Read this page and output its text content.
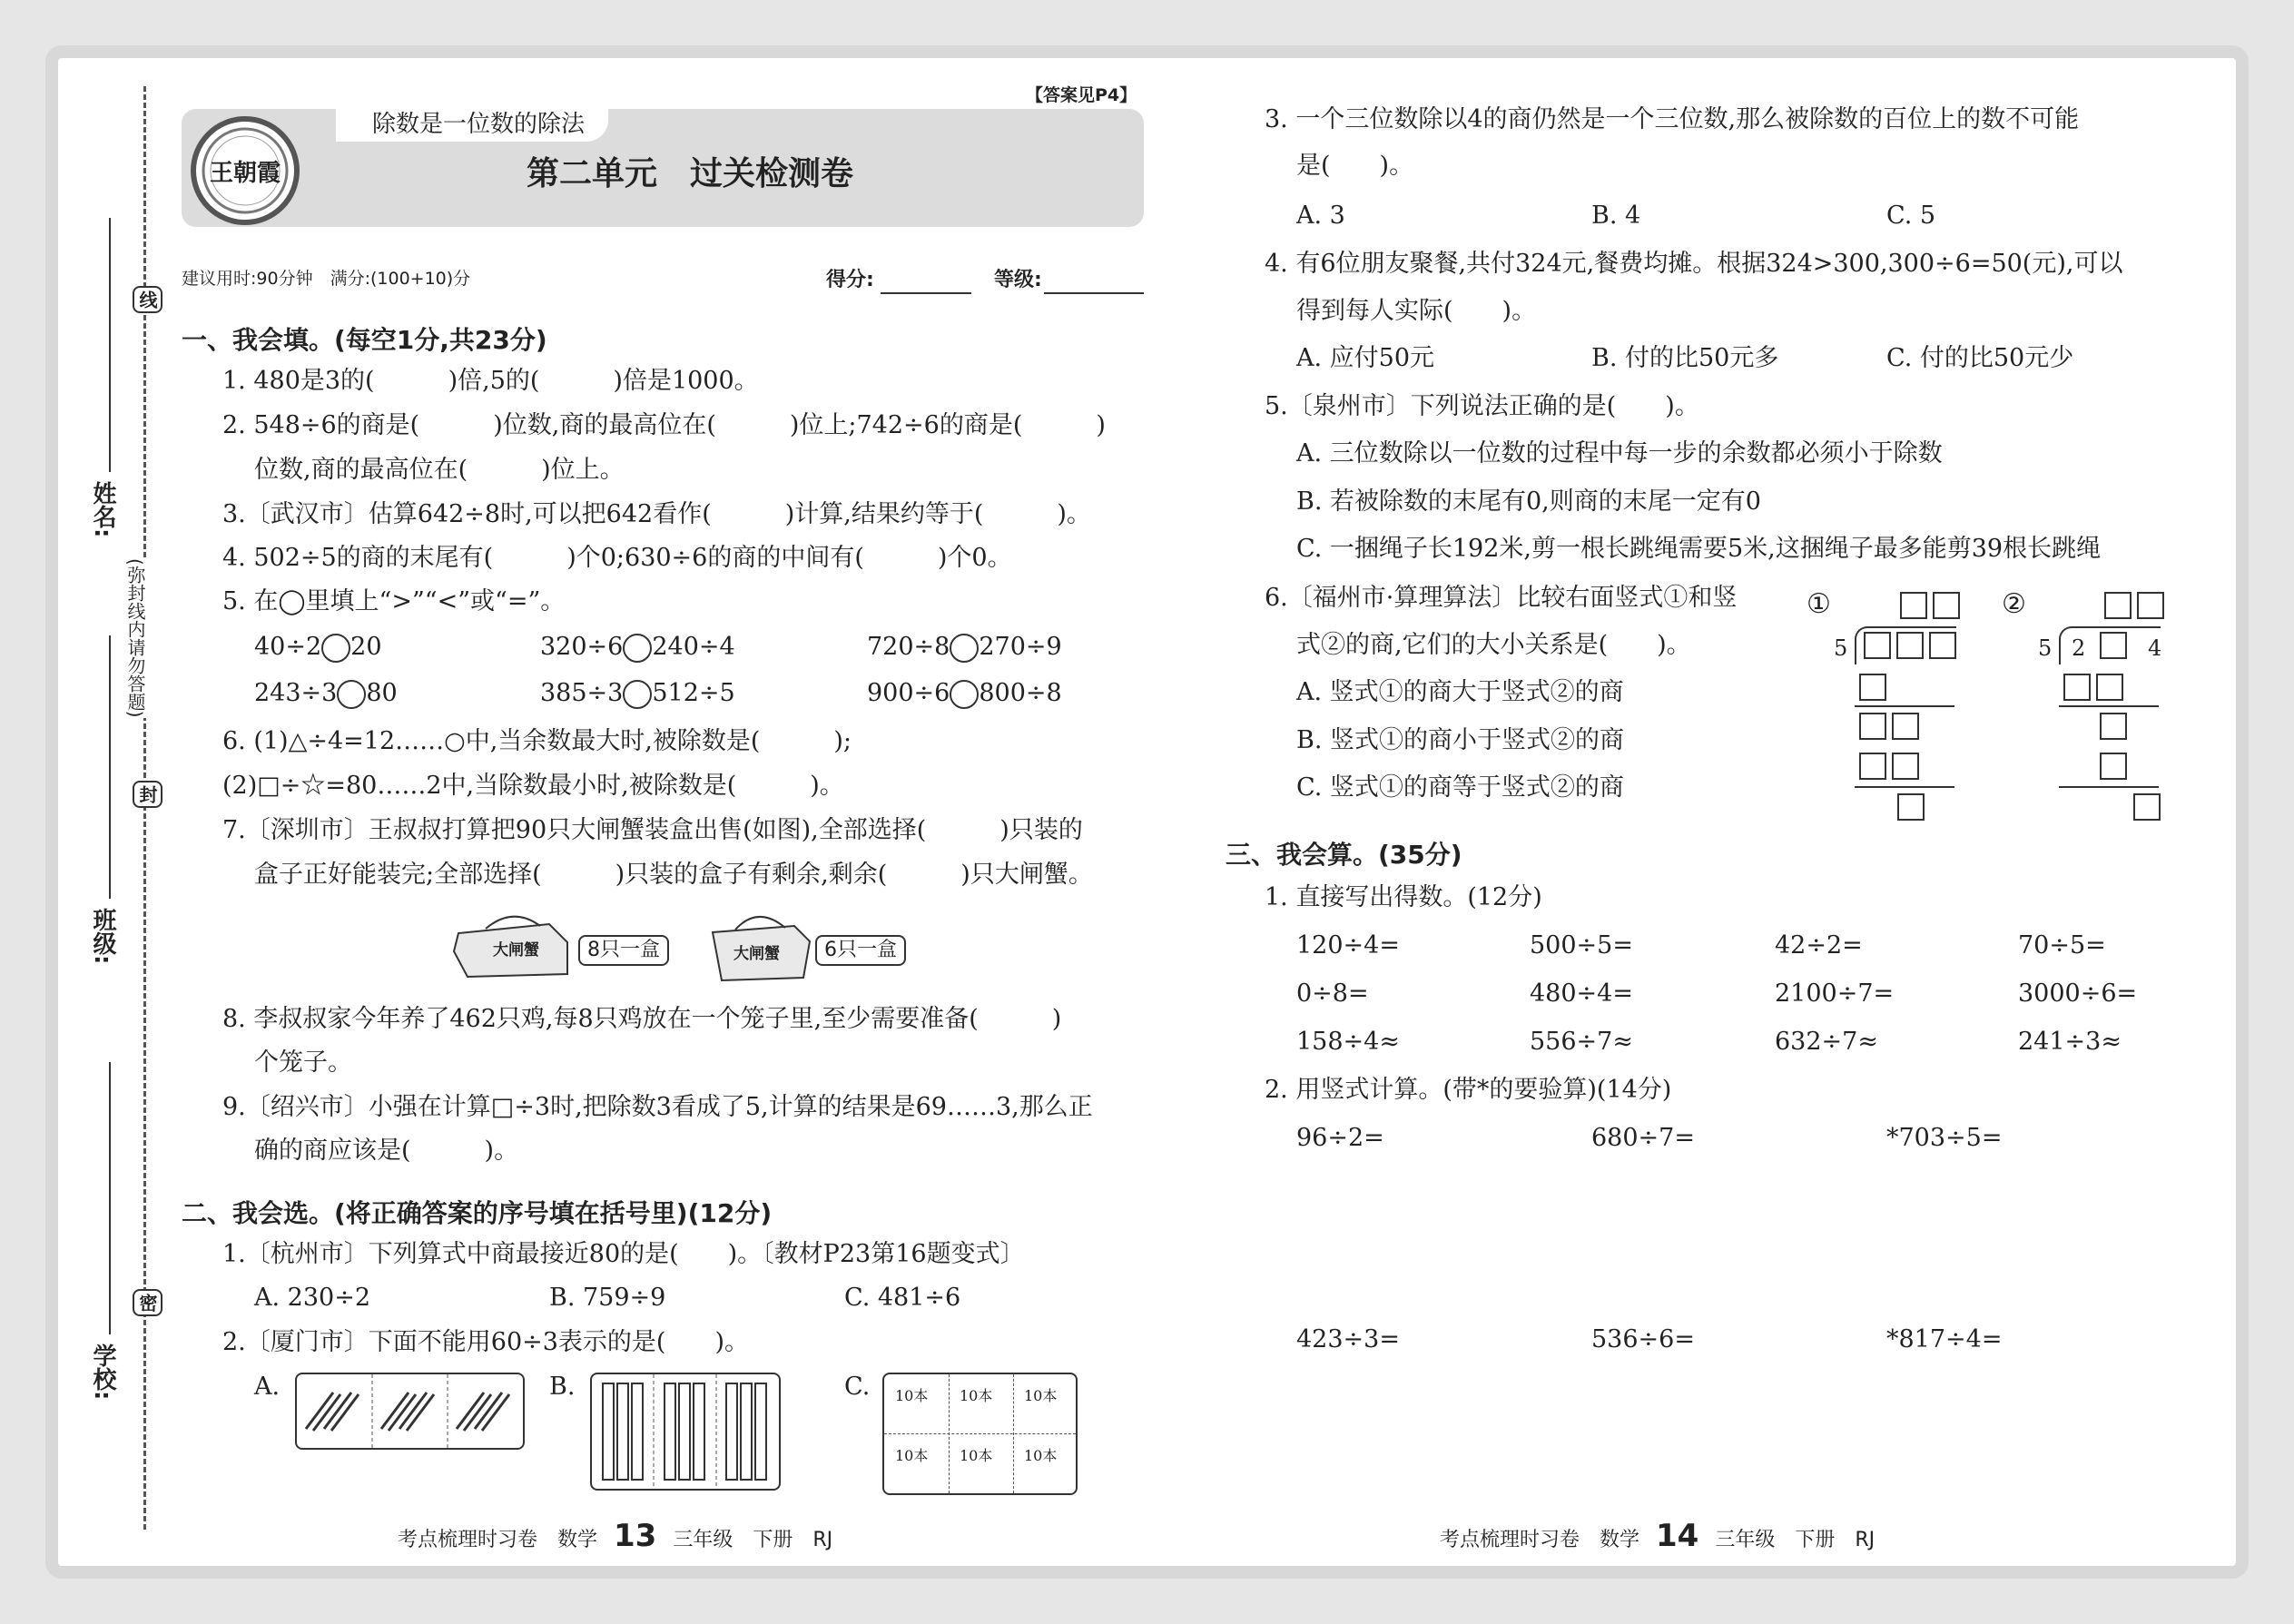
姓名:
班级:
学校:
线
封
密
(弥封线内请勿答题)
王朝霞
除数是一位数的除法
【答案见P4】
第二单元　过关检测卷
建议用时:90分钟　满分:(100+10)分	得分:	等级:
一、我会填。(每空1分,共23分)
1. 480是3的(　　　)倍,5的(　　　)倍是1000。
2. 548÷6的商是(　　　)位数,商的最高位在(　　　)位上;742÷6的商是(　　　)
位数,商的最高位在(　　　)位上。
3.〔武汉市〕估算642÷8时,可以把642看作(　　　)计算,结果约等于(　　　)。
4. 502÷5的商的末尾有(　　　)个0;630÷6的商的中间有(　　　)个0。
5. 在◯里填上“>”“<”或“=”。
40÷2 20	320÷6 240÷4	720÷8 270÷9
243÷3 80	385÷3 512÷5	900÷6 800÷8
6. (1)△÷4=12……○中,当余数最大时,被除数是(　　　);
(2)□÷☆=80……2中,当除数最小时,被除数是(　　　)。
7.〔深圳市〕王叔叔打算把90只大闸蟹装盒出售(如图),全部选择(　　　)只装的
盒子正好能装完;全部选择(　　　)只装的盒子有剩余,剩余(　　　)只大闸蟹。
大闸蟹	8只一盒	大闸蟹	6只一盒
8. 李叔叔家今年养了462只鸡,每8只鸡放在一个笼子里,至少需要准备(　　　)
个笼子。
9.〔绍兴市〕小强在计算□÷3时,把除数3看成了5,计算的结果是69……3,那么正
确的商应该是(　　　)。
二、我会选。(将正确答案的序号填在括号里)(12分)
1.〔杭州市〕下列算式中商最接近80的是(　　)。〔教材P23第16题变式〕
A. 230÷2	B. 759÷9	C. 481÷6
2.〔厦门市〕下面不能用60÷3表示的是(　　)。
A.	B.	C. 10本 10本 10本
10本 10本 10本
考点梳理时习卷　数学 13 三年级　下册　RJ
3. 一个三位数除以4的商仍然是一个三位数,那么被除数的百位上的数不可能
是(　　)。
A. 3	B. 4	C. 5
4. 有6位朋友聚餐,共付324元,餐费均摊。根据324>300,300÷6=50(元),可以
得到每人实际(　　)。
A. 应付50元	B. 付的比50元多	C. 付的比50元少
5.〔泉州市〕下列说法正确的是(　　)。
A. 三位数除以一位数的过程中每一步的余数都必须小于除数
B. 若被除数的末尾有0,则商的末尾一定有0
C. 一捆绳子长192米,剪一根长跳绳需要5米,这捆绳子最多能剪39根长跳绳
6.〔福州市·算理算法〕比较右面竖式①和竖
式②的商,它们的大小关系是(　　)。
A. 竖式①的商大于竖式②的商
B. 竖式①的商小于竖式②的商
C. 竖式①的商等于竖式②的商
①
5
②
5 2	4
三、我会算。(35分)
1. 直接写出得数。(12分)
120÷4=	500÷5=	42÷2=	70÷5=
0÷8=	480÷4=	2100÷7=	3000÷6=
158÷4≈	556÷7≈	632÷7≈	241÷3≈
2. 用竖式计算。(带*的要验算)(14分)
96÷2=	680÷7=	*703÷5=
423÷3=	536÷6=	*817÷4=
考点梳理时习卷　数学 14 三年级　下册　RJ
